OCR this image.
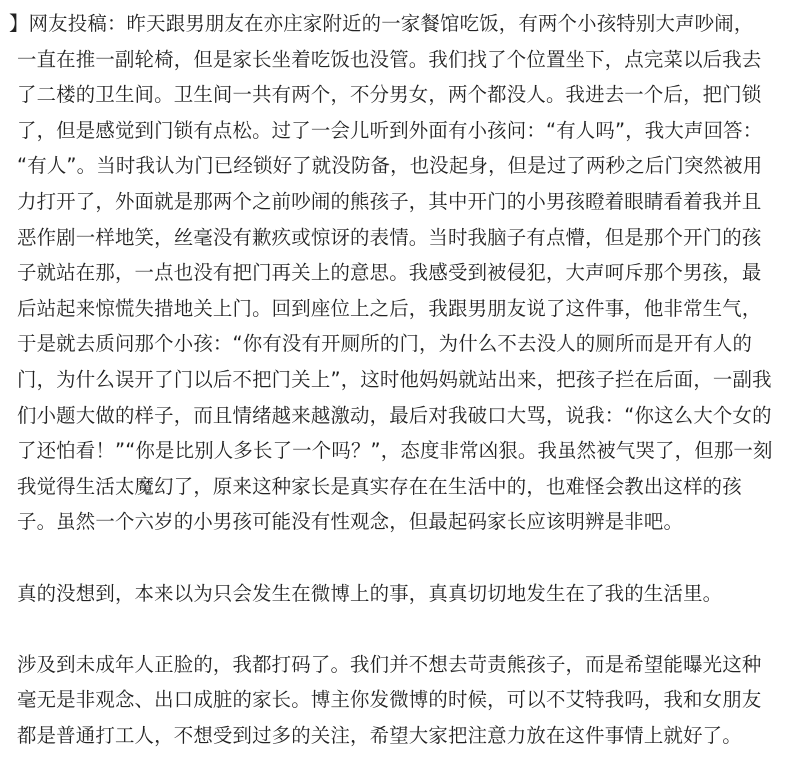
】网友投稿：昨天跟男朋友在亦庄家附近的一家餐馆吃饭，有两个小孩特别大声吵闹，
一直在推一副轮椅，但是家长坐着吃饭也没管。我们找了个位置坐下，点完菜以后我去
了二楼的卫生间。卫生间一共有两个，不分男女，两个都没人。我进去一个后，把门锁
了，但是感觉到门锁有点松。过了一会儿听到外面有小孩问：“有人吗”，我大声回答：
“有人”。当时我认为门已经锁好了就没防备，也没起身，但是过了两秒之后门突然被用
力打开了，外面就是那两个之前吵闹的熊孩子，其中开门的小男孩瞪着眼睛看着我并且
恶作剧一样地笑，丝毫没有歉疚或惊讶的表情。当时我脑子有点懵，但是那个开门的孩
子就站在那，一点也没有把门再关上的意思。我感受到被侵犯，大声呵斥那个男孩，最
后站起来惊慌失措地关上门。回到座位上之后，我跟男朋友说了这件事，他非常生气，
于是就去质问那个小孩：“你有没有开厕所的门，为什么不去没人的厕所而是开有人的
门，为什么误开了门以后不把门关上”，这时他妈妈就站出来，把孩子拦在后面，一副我
们小题大做的样子，而且情绪越来越激动，最后对我破口大骂，说我：“你这么大个女的
了还怕看！”“你是比别人多长了一个吗？”，态度非常凶狠。我虽然被气哭了，但那一刻
我觉得生活太魔幻了，原来这种家长是真实存在在生活中的，也难怪会教出这样的孩
子。虽然一个六岁的小男孩可能没有性观念，但最起码家长应该明辨是非吧。
真的没想到，本来以为只会发生在微博上的事，真真切切地发生在了我的生活里。
涉及到未成年人正脸的，我都打码了。我们并不想去苛责熊孩子，而是希望能曝光这种
毫无是非观念、出口成脏的家长。博主你发微博的时候，可以不艾特我吗，我和女朋友
都是普通打工人，不想受到过多的关注，希望大家把注意力放在这件事情上就好了。
